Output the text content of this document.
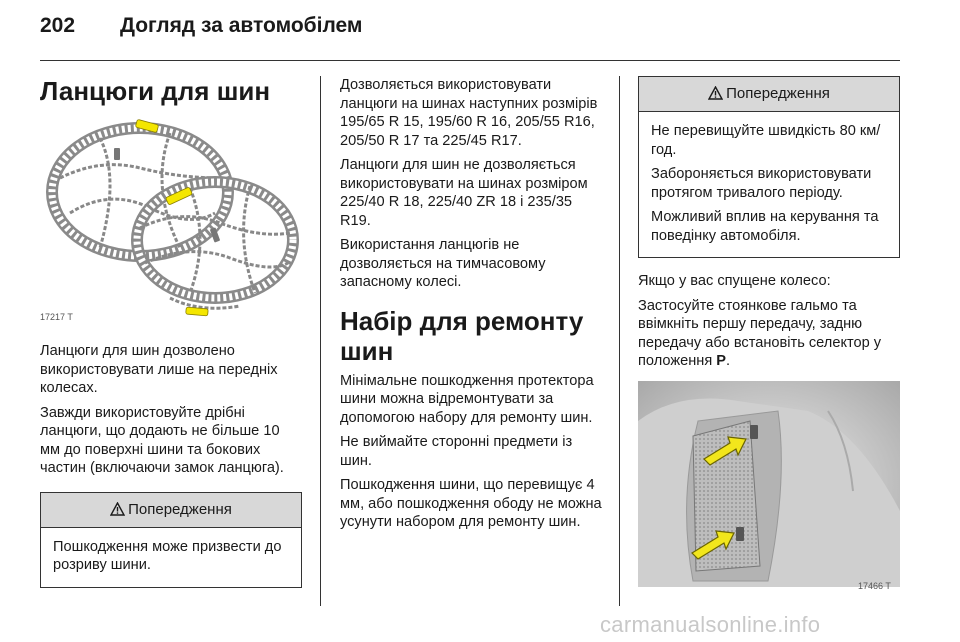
202 Догляд за автомобілем
Ланцюги для шин
17217 T

Ланцюги для шин дозволено використовувати лише на передніх колесах.

Завжди використовуйте дрібні ланцюги, що додають не більше 10 мм до поверхні шини та бокових частин (включаючи замок ланцюга).

Попередження

Пошкодження може призвести до розриву шини.

Дозволяється використовувати ланцюги на шинах наступних розмірів 195/65 R 15, 195/60 R 16, 205/55 R16, 205/50 R 17 та 225/45 R17.

Ланцюги для шин не дозволяється використовувати на шинах розміром 225/40 R 18, 225/40 ZR 18 і 235/35 R19.

Використання ланцюгів не дозволяється на тимчасовому запасному колесі.

Набір для ремонту шин

Мінімальне пошкодження протектора шини можна відремонтувати за допомогою набору для ремонту шин.

Не виймайте сторонні предмети із шин.

Пошкодження шини, що перевищує 4 мм, або пошкодження ободу не можна усунути набором для ремонту шин.

Попередження

Не перевищуйте швидкість 80 км/год.

Забороняється використовувати протягом тривалого періоду.

Можливий вплив на керування та поведінку автомобіля.

Якщо у вас спущене колесо:

Застосуйте стоянкове гальмо та ввімкніть першу передачу, задню передачу або встановіть селектор у положення P.

17466 T
carmanualsonline.info
